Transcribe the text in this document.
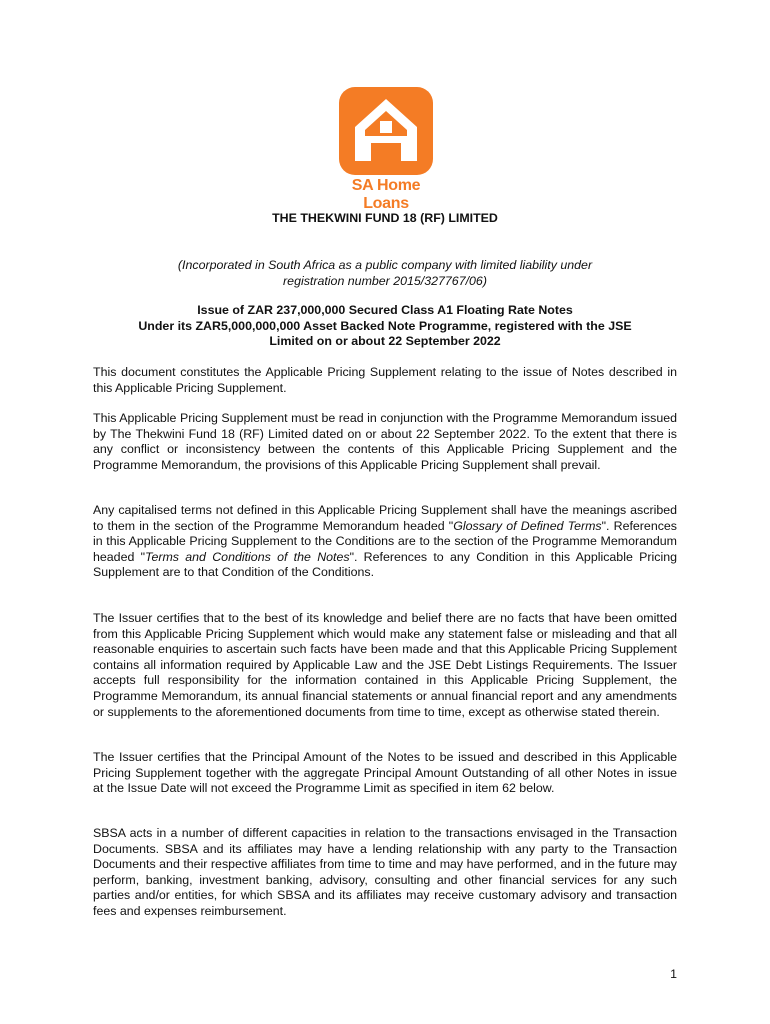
SA Home Loans
THE THEKWINI FUND 18 (RF) LIMITED
(Incorporated in South Africa as a public company with limited liability under
registration number 2015/327767/06)
Issue of ZAR 237,000,000 Secured Class A1 Floating Rate Notes
Under its ZAR5,000,000,000 Asset Backed Note Programme, registered with the JSE
Limited on or about 22 September 2022

This document constitutes the Applicable Pricing Supplement relating to the issue of Notes described in this Applicable Pricing Supplement.

This Applicable Pricing Supplement must be read in conjunction with the Programme Memorandum issued by The Thekwini Fund 18 (RF) Limited dated on or about 22 September 2022. To the extent that there is any conflict or inconsistency between the contents of this Applicable Pricing Supplement and the Programme Memorandum, the provisions of this Applicable Pricing Supplement shall prevail.

Any capitalised terms not defined in this Applicable Pricing Supplement shall have the meanings ascribed to them in the section of the Programme Memorandum headed "Glossary of Defined Terms". References in this Applicable Pricing Supplement to the Conditions are to the section of the Programme Memorandum headed "Terms and Conditions of the Notes". References to any Condition in this Applicable Pricing Supplement are to that Condition of the Conditions.

The Issuer certifies that to the best of its knowledge and belief there are no facts that have been omitted from this Applicable Pricing Supplement which would make any statement false or misleading and that all reasonable enquiries to ascertain such facts have been made and that this Applicable Pricing Supplement contains all information required by Applicable Law and the JSE Debt Listings Requirements. The Issuer accepts full responsibility for the information contained in this Applicable Pricing Supplement, the Programme Memorandum, its annual financial statements or annual financial report and any amendments or supplements to the aforementioned documents from time to time, except as otherwise stated therein.

The Issuer certifies that the Principal Amount of the Notes to be issued and described in this Applicable Pricing Supplement together with the aggregate Principal Amount Outstanding of all other Notes in issue at the Issue Date will not exceed the Programme Limit as specified in item 62 below.

SBSA acts in a number of different capacities in relation to the transactions envisaged in the Transaction Documents. SBSA and its affiliates may have a lending relationship with any party to the Transaction Documents and their respective affiliates from time to time and may have performed, and in the future may perform, banking, investment banking, advisory, consulting and other financial services for any such parties and/or entities, for which SBSA and its affiliates may receive customary advisory and transaction fees and expenses reimbursement.

1
